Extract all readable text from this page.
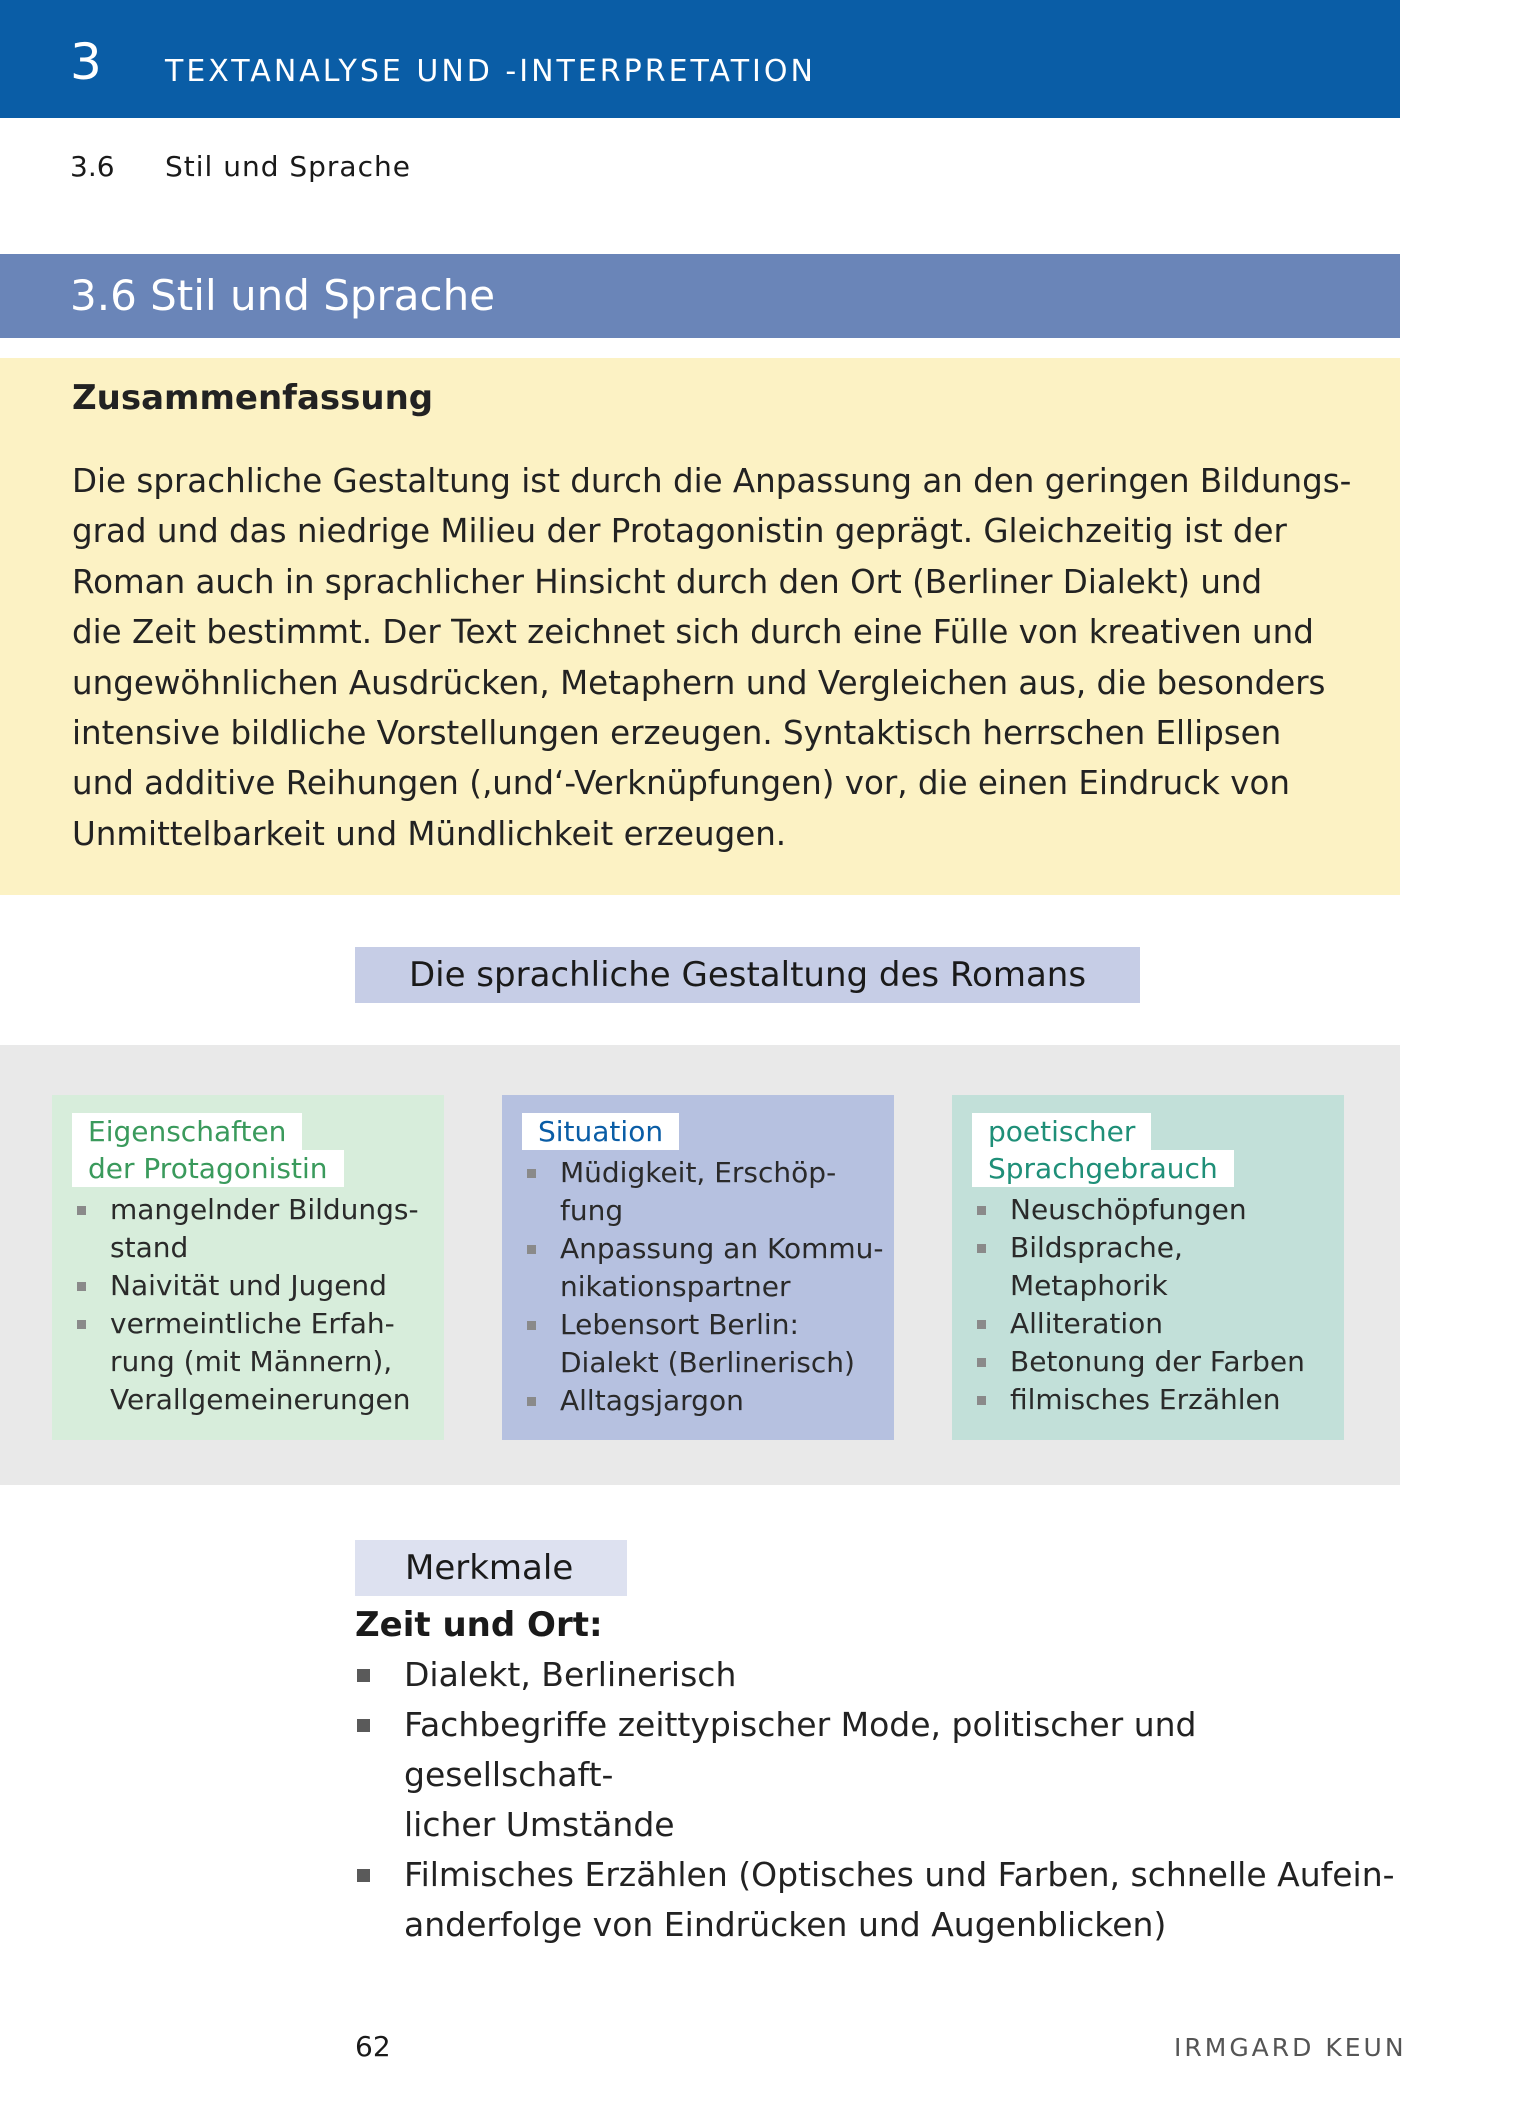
3 TEXTANALYSE UND -INTERPRETATION
3.6 Stil und Sprache
3.6 Stil und Sprache
Zusammenfassung
Die sprachliche Gestaltung ist durch die Anpassung an den geringen Bildungs-
grad und das niedrige Milieu der Protagonistin geprägt. Gleichzeitig ist der
Roman auch in sprachlicher Hinsicht durch den Ort (Berliner Dialekt) und
die Zeit bestimmt. Der Text zeichnet sich durch eine Fülle von kreativen und
ungewöhnlichen Ausdrücken, Metaphern und Vergleichen aus, die besonders
intensive bildliche Vorstellungen erzeugen. Syntaktisch herrschen Ellipsen
und additive Reihungen (‚und‘-Verknüpfungen) vor, die einen Eindruck von
Unmittelbarkeit und Mündlichkeit erzeugen.
Die sprachliche Gestaltung des Romans
Eigenschaften
der Protagonistin
mangelnder Bildungs-
stand
Naivität und Jugend
vermeintliche Erfah-
rung (mit Männern),
Verallgemeinerungen
Situation
Müdigkeit, Erschöp-
fung
Anpassung an Kommu-
nikationspartner
Lebensort Berlin:
Dialekt (Berlinerisch)
Alltagsjargon
poetischer
Sprachgebrauch
Neuschöpfungen
Bildsprache,
Metaphorik
Alliteration
Betonung der Farben
filmisches Erzählen
Merkmale
Zeit und Ort:
Dialekt, Berlinerisch
Fachbegriffe zeittypischer Mode, politischer und gesellschaft-
licher Umstände
Filmisches Erzählen (Optisches und Farben, schnelle Aufein-
anderfolge von Eindrücken und Augenblicken)
62	IRMGARD KEUN
